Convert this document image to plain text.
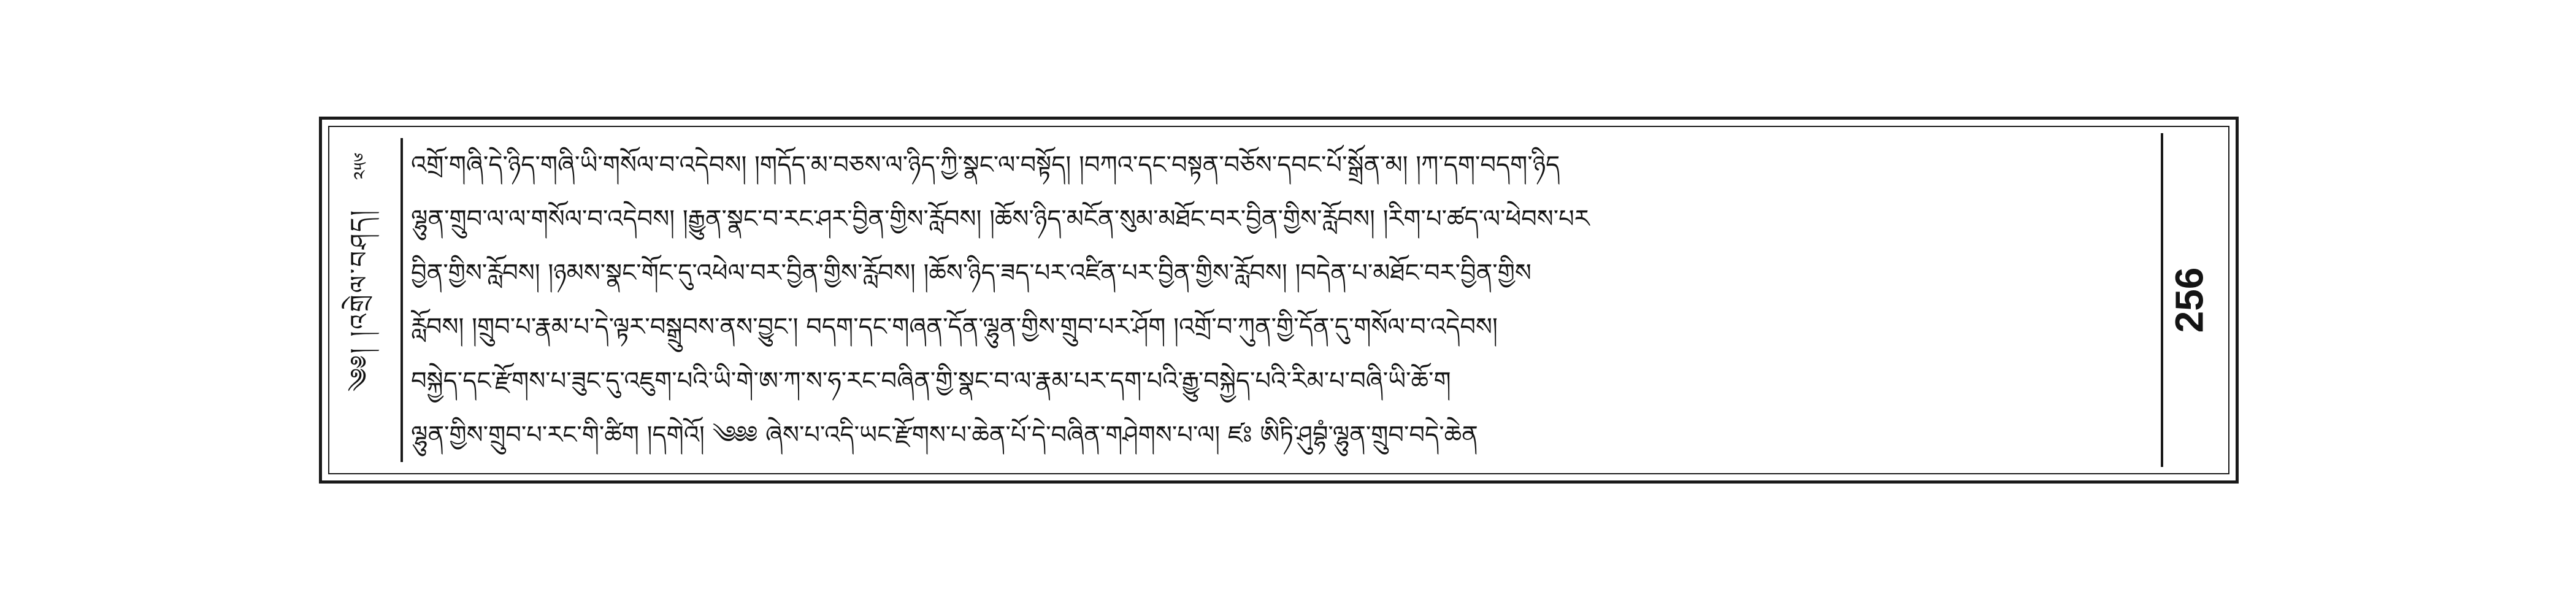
༢༥༦
༄༅། །འགྲེལ་བཤད།

འགྲོ་གཞི་དེ་ཉིད་གཞི་ཡི་གསོལ་བ་འདེབས། །གདོད་མ་བཅས་ལ་ཉིད་ཀྱི་སྣང་ལ་བསྟོད། །བཀའ་དང་བསྟན་བཅོས་དབང་པོ་སྒྲོན་མ། །ཀ་དག་བདག་ཉིད

ལྷུན་གྲུབ་ལ་ལ་གསོལ་བ་འདེབས། །རྒྱུན་སྣང་བ་རང་ཤར་བྱིན་གྱིས་རློབས། །ཆོས་ཉིད་མངོན་སུམ་མཐོང་བར་བྱིན་གྱིས་རློབས། །རིག་པ་ཚད་ལ་ཕེབས་པར

བྱིན་གྱིས་རློབས། །ཉམས་སྣང་གོང་དུ་འཕེལ་བར་བྱིན་གྱིས་རློབས། །ཆོས་ཉིད་ཟད་པར་འཛིན་པར་བྱིན་གྱིས་རློབས། །བདེན་པ་མཐོང་བར་བྱིན་གྱིས

རློབས། །གྲུབ་པ་རྣམ་པ་དེ་ལྟར་བསྒྲུབས་ནས་བྱུང་། བདག་དང་གཞན་དོན་ལྷུན་གྱིས་གྲུབ་པར་ཤོག །འགྲོ་བ་ཀུན་གྱི་དོན་དུ་གསོལ་བ་འདེབས།

བསྐྱེད་དང་རྫོགས་པ་ཟུང་དུ་འཇུག་པའི་ཡི་གེ་ཨ་ཀ་ས་ཧ་རང་བཞིན་གྱི་སྣང་བ་ལ་རྣམ་པར་དག་པའི་རྒྱུ་བསྐྱེད་པའི་རིམ་པ་བཞི་ཡི་ཆོ་ག

ལྷུན་གྱིས་གྲུབ་པ་རང་གི་ཚིག །དགེའོ། ༄༅༅ ཞེས་པ་འདི་ཡང་རྫོགས་པ་ཆེན་པོ་དེ་བཞིན་གཤེགས་པ་ལ། ཛཿ ཨིཏི་ཤུབྷཾ་ལྷུན་གྲུབ་བདེ་ཆེན

256
